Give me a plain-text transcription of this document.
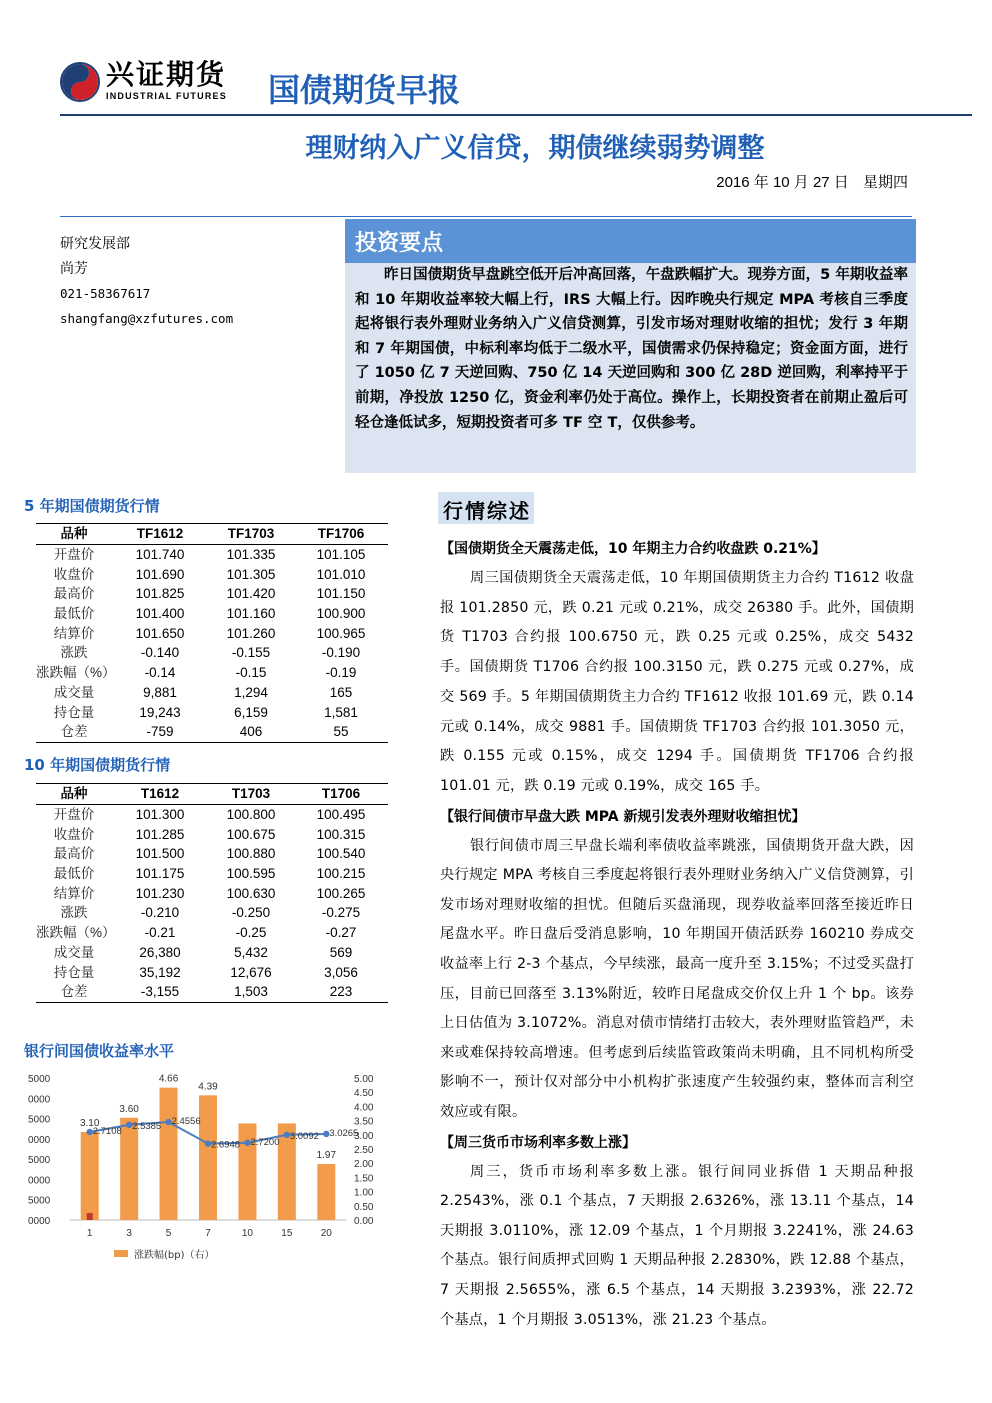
兴证期货
INDUSTRIAL FUTURES 国债期货早报
理财纳入广义信贷，期债继续弱势调整
2016 年 10 月 27 日 星期四
研究发展部
尚芳
021-58367617
shangfang@xzfutures.com
投资要点
昨日国债期货早盘跳空低开后冲高回落，午盘跌幅扩大。现券方面，5 年期收益率和 10 年期收益率较大幅上行，IRS 大幅上行。因昨晚央行规定 MPA 考核自三季度起将银行表外理财业务纳入广义信贷测算，引发市场对理财收缩的担忧；发行 3 年期和 7 年期国债，中标利率均低于二级水平，国债需求仍保持稳定；资金面方面，进行了 1050 亿 7 天逆回购、750 亿 14 天逆回购和 300 亿 28D 逆回购，利率持平于前期，净投放 1250 亿，资金利率仍处于高位。操作上，长期投资者在前期止盈后可轻仓逢低试多，短期投资者可多 TF 空 T，仅供参考。
5 年期国债期货行情
品种	TF1612	TF1703	TF1706
开盘价	101.740	101.335	101.105
收盘价	101.690	101.305	101.010
最高价	101.825	101.420	101.150
最低价	101.400	101.160	100.900
结算价	101.650	101.260	100.965
涨跌	-0.140	-0.155	-0.190
涨跌幅（%）	-0.14	-0.15	-0.19
成交量	9,881	1,294	165
持仓量	19,243	6,159	1,581
仓差	-759	406	55
10 年期国债期货行情
品种	T1612	T1703	T1706
开盘价	101.300	100.800	100.495
收盘价	101.285	100.675	100.315
最高价	101.500	100.880	100.540
最低价	101.175	100.595	100.215
结算价	101.230	100.630	100.265
涨跌	-0.210	-0.250	-0.275
涨跌幅（%）	-0.21	-0.25	-0.27
成交量	26,380	5,432	569
持仓量	35,192	12,676	3,056
仓差	-3,155	1,503	223
银行间国债收益率水平
5000
0000
5000
0000
5000
0000
5000
0000
5.00
4.50
4.00
3.50
3.00
2.50
2.00
1.50
1.00
0.50
0.00
3.10
1
3.60
3
4.66
5
4.39
7	10	15
1.97
20
2.7108 2.5385 2.4556
2.6948 2.7200
3.0092 3.0265
涨跌幅(bp)（右）
行情综述

【国债期货全天震荡走低，10 年期主力合约收盘跌 0.21%】

周三国债期货全天震荡走低，10 年期国债期货主力合约 T1612 收盘报 101.2850 元，跌 0.21 元或 0.21%，成交 26380 手。此外，国债期货 T1703 合约报 100.6750 元，跌 0.25 元或 0.25%，成交 5432 手。国债期货 T1706 合约报 100.3150 元，跌 0.275 元或 0.27%，成交 569 手。5 年期国债期货主力合约 TF1612 收报 101.69 元，跌 0.14 元或 0.14%，成交 9881 手。国债期货 TF1703 合约报 101.3050 元，跌 0.155 元或 0.15%，成交 1294 手。国债期货 TF1706 合约报 101.01 元，跌 0.19 元或 0.19%，成交 165 手。

【银行间债市早盘大跌 MPA 新规引发表外理财收缩担忧】

银行间债市周三早盘长端利率债收益率跳涨，国债期货开盘大跌，因央行规定 MPA 考核自三季度起将银行表外理财业务纳入广义信贷测算，引发市场对理财收缩的担忧。但随后买盘涌现，现券收益率回落至接近昨日尾盘水平。昨日盘后受消息影响，10 年期国开债活跃券 160210 券成交收益率上行 2-3 个基点，今早续涨，最高一度升至 3.15%；不过受买盘打压，目前已回落至 3.13%附近，较昨日尾盘成交价仅上升 1 个 bp。该券上日估值为 3.1072%。消息对债市情绪打击较大，表外理财监管趋严，未来或难保持较高增速。但考虑到后续监管政策尚未明确，且不同机构所受影响不一，预计仅对部分中小机构扩张速度产生较强约束，整体而言利空效应或有限。

【周三货币市场利率多数上涨】

周三，货币市场利率多数上涨。银行间同业拆借 1 天期品种报 2.2543%，涨 0.1 个基点，7 天期报 2.6326%，涨 13.11 个基点，14 天期报 3.0110%，涨 12.09 个基点，1 个月期报 3.2241%，涨 24.63 个基点。银行间质押式回购 1 天期品种报 2.2830%，跌 12.88 个基点，7 天期报 2.5655%，涨 6.5 个基点，14 天期报 3.2393%，涨 22.72 个基点，1 个月期报 3.0513%，涨 21.23 个基点。
